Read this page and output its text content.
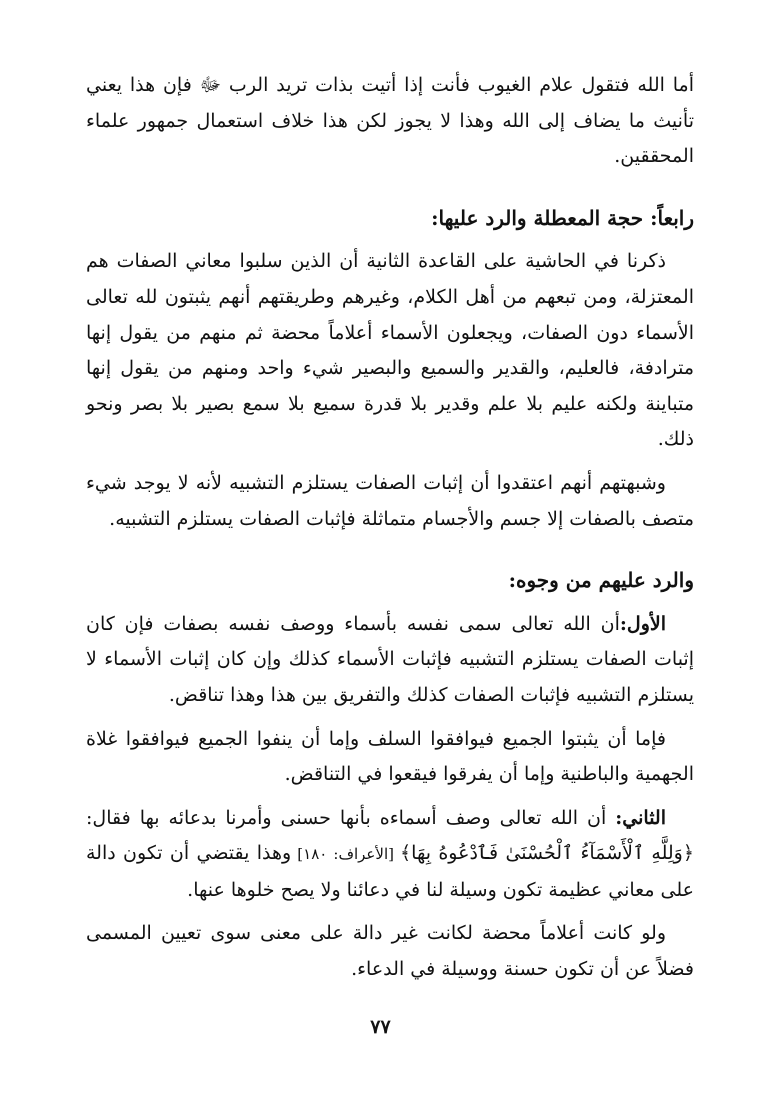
أما الله فتقول علام الغيوب فأنت إذا أتيت بذات تريد الرب ﷻ فإن هذا يعني تأنيث ما يضاف إلى الله وهذا لا يجوز لكن هذا خلاف استعمال جمهور علماء المحققين.

رابعاً: حجة المعطلة والرد عليها:

ذكرنا في الحاشية على القاعدة الثانية أن الذين سلبوا معاني الصفات هم المعتزلة، ومن تبعهم من أهل الكلام، وغيرهم وطريقتهم أنهم يثبتون لله تعالى الأسماء دون الصفات، ويجعلون الأسماء أعلاماً محضة ثم منهم من يقول إنها مترادفة، فالعليم، والقدير والسميع والبصير شيء واحد ومنهم من يقول إنها متباينة ولكنه عليم بلا علم وقدير بلا قدرة سميع بلا سمع بصير بلا بصر ونحو ذلك.

وشبهتهم أنهم اعتقدوا أن إثبات الصفات يستلزم التشبيه لأنه لا يوجد شيء متصف بالصفات إلا جسم والأجسام متماثلة فإثبات الصفات يستلزم التشبيه.

والرد عليهم من وجوه:

الأول:أن الله تعالى سمى نفسه بأسماء ووصف نفسه بصفات فإن كان إثبات الصفات يستلزم التشبيه فإثبات الأسماء كذلك وإن كان إثبات الأسماء لا يستلزم التشبيه فإثبات الصفات كذلك والتفريق بين هذا وهذا تناقض.

فإما أن يثبتوا الجميع فيوافقوا السلف وإما أن ينفوا الجميع فيوافقوا غلاة الجهمية والباطنية وإما أن يفرقوا فيقعوا في التناقض.

الثاني: أن الله تعالى وصف أسماءه بأنها حسنى وأمرنا بدعائه بها فقال: ﴿وَلِلَّهِ ٱلْأَسْمَآءُ ٱلْحُسْنَىٰ فَٱدْعُوهُ بِهَا﴾ [الأعراف: ١٨٠] وهذا يقتضي أن تكون دالة على معاني عظيمة تكون وسيلة لنا في دعائنا ولا يصح خلوها عنها.

ولو كانت أعلاماً محضة لكانت غير دالة على معنى سوى تعيين المسمى فضلاً عن أن تكون حسنة ووسيلة في الدعاء.

٧٧
